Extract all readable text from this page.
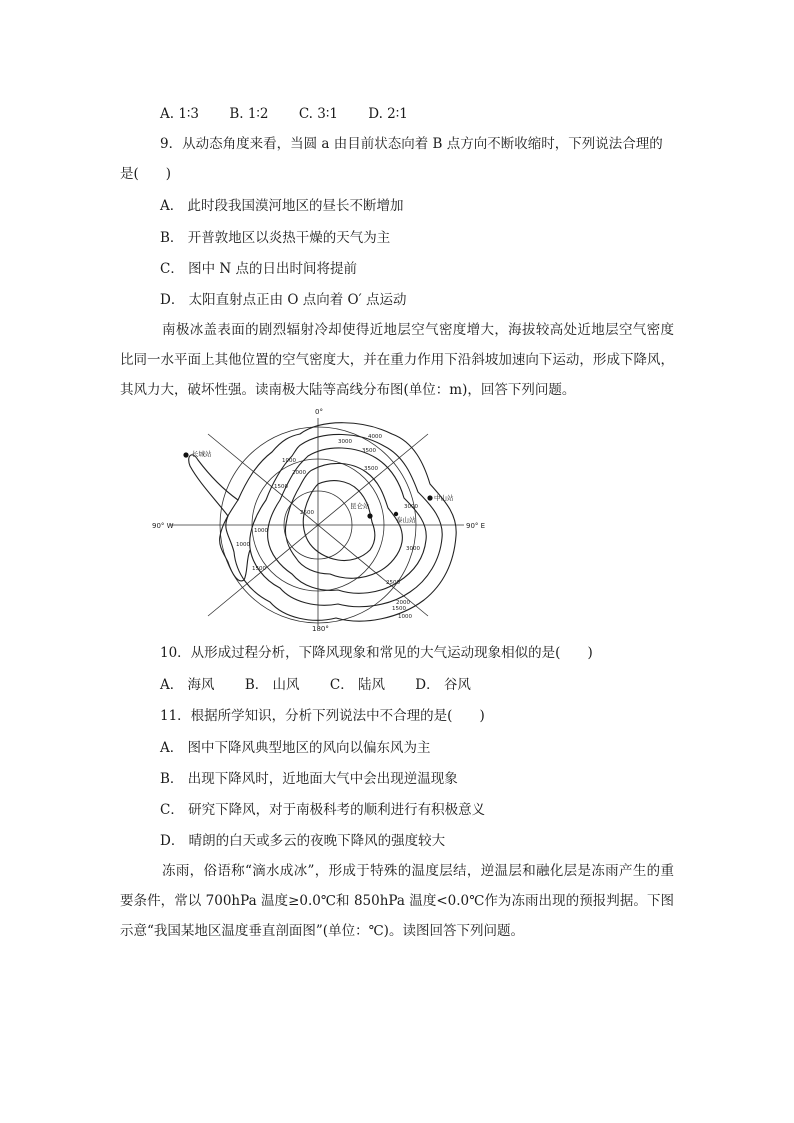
A. 1∶3 B. 1∶2 C. 3∶1 D. 2∶1
9．从动态角度来看，当圆 a 由目前状态向着 B 点方向不断收缩时，下列说法合理的
是(　　)
A． 此时段我国漠河地区的昼长不断增加
B． 开普敦地区以炎热干燥的天气为主
C． 图中 N 点的日出时间将提前
D． 太阳直射点正由 O 点向着 O′ 点运动
南极冰盖表面的剧烈辐射冷却使得近地层空气密度增大，海拔较高处近地层空气密度比同一水平面上其他位置的空气密度大，并在重力作用下沿斜坡加速向下运动，形成下降风，其风力大，破坏性强。读南极大陆等高线分布图(单位：m)，回答下列问题。
0°
180°
90° W	90° E
长城站
中山站
昆仑站
泰山站
3000
3500
4000
3500
1000
2500
3000
1500
1000
2000
1000
1500
2500
2000
1500
1000
3000
10．从形成过程分析，下降风现象和常见的大气运动现象相似的是(　　)
A． 海风 B． 山风 C． 陆风 D． 谷风
11．根据所学知识，分析下列说法中不合理的是(　　)
A． 图中下降风典型地区的风向以偏东风为主
B． 出现下降风时，近地面大气中会出现逆温现象
C． 研究下降风，对于南极科考的顺利进行有积极意义
D． 晴朗的白天或多云的夜晚下降风的强度较大
冻雨，俗语称“滴水成冰”，形成于特殊的温度层结，逆温层和融化层是冻雨产生的重要条件，常以 700hPa 温度≥0.0℃和 850hPa 温度<0.0℃作为冻雨出现的预报判据。下图示意“我国某地区温度垂直剖面图”(单位：℃)。读图回答下列问题。
